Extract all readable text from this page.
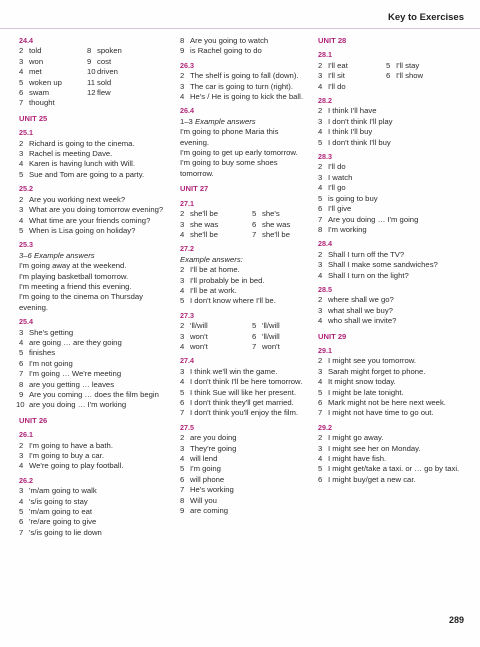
Key to Exercises
24.4
2 told	8 spoken
3 won	9 cost
4 met	10 driven
5 woken up	11 sold
6 swam	12 flew
7 thought
UNIT 25
25.1
2 Richard is going to the cinema.
3 Rachel is meeting Dave.
4 Karen is having lunch with Will.
5 Sue and Tom are going to a party.
25.2
2 Are you working next week?
3 What are you doing tomorrow evening?
4 What time are your friends coming?
5 When is Lisa going on holiday?
25.3
3–6 Example answers
I'm going away at the weekend.
I'm playing basketball tomorrow.
I'm meeting a friend this evening.
I'm going to the cinema on Thursday evening.
25.4
3 She's getting
4 are going … are they going
5 finishes
6 I'm not going
7 I'm going … We're meeting
8 are you getting … leaves
9 Are you coming … does the film begin
10 are you doing … I'm working
UNIT 26
26.1
2 I'm going to have a bath.
3 I'm going to buy a car.
4 We're going to play football.
26.2
3 'm/am going to walk
4 's/is going to stay
5 'm/am going to eat
6 're/are going to give
7 's/is going to lie down
8 Are you going to watch
9 is Rachel going to do
26.3
2 The shelf is going to fall (down).
3 The car is going to turn (right).
4 He's / He is going to kick the ball.
26.4
1–3 Example answers
I'm going to phone Maria this evening.
I'm going to get up early tomorrow.
I'm going to buy some shoes tomorrow.
UNIT 27
27.1
2 she'll be	5 she's
3 she was	6 she was
4 she'll be	7 she'll be
27.2
Example answers:
2 I'll be at home.
3 I'll probably be in bed.
4 I'll be at work.
5 I don't know where I'll be.
27.3
2 'll/will	5 'll/will
3 won't	6 'll/will
4 won't	7 won't
27.4
3 I think we'll win the game.
4 I don't think I'll be here tomorrow.
5 I think Sue will like her present.
6 I don't think they'll get married.
7 I don't think you'll enjoy the film.
27.5
2 are you doing
3 They're going
4 will lend
5 I'm going
6 will phone
7 He's working
8 Will you
9 are coming
UNIT 28
28.1
2 I'll eat	5 I'll stay
3 I'll sit	6 I'll show
4 I'll do
28.2
2 I think I'll have
3 I don't think I'll play
4 I think I'll buy
5 I don't think I'll buy
28.3
2 I'll do
3 I watch
4 I'll go
5 is going to buy
6 I'll give
7 Are you doing … I'm going
8 I'm working
28.4
2 Shall I turn off the TV?
3 Shall I make some sandwiches?
4 Shall I turn on the light?
28.5
2 where shall we go?
3 what shall we buy?
4 who shall we invite?
UNIT 29
29.1
2 I might see you tomorrow.
3 Sarah might forget to phone.
4 It might snow today.
5 I might be late tonight.
6 Mark might not be here next week.
7 I might not have time to go out.
29.2
2 I might go away.
3 I might see her on Monday.
4 I might have fish.
5 I might get/take a taxi. or … go by taxi.
6 I might buy/get a new car.
289
